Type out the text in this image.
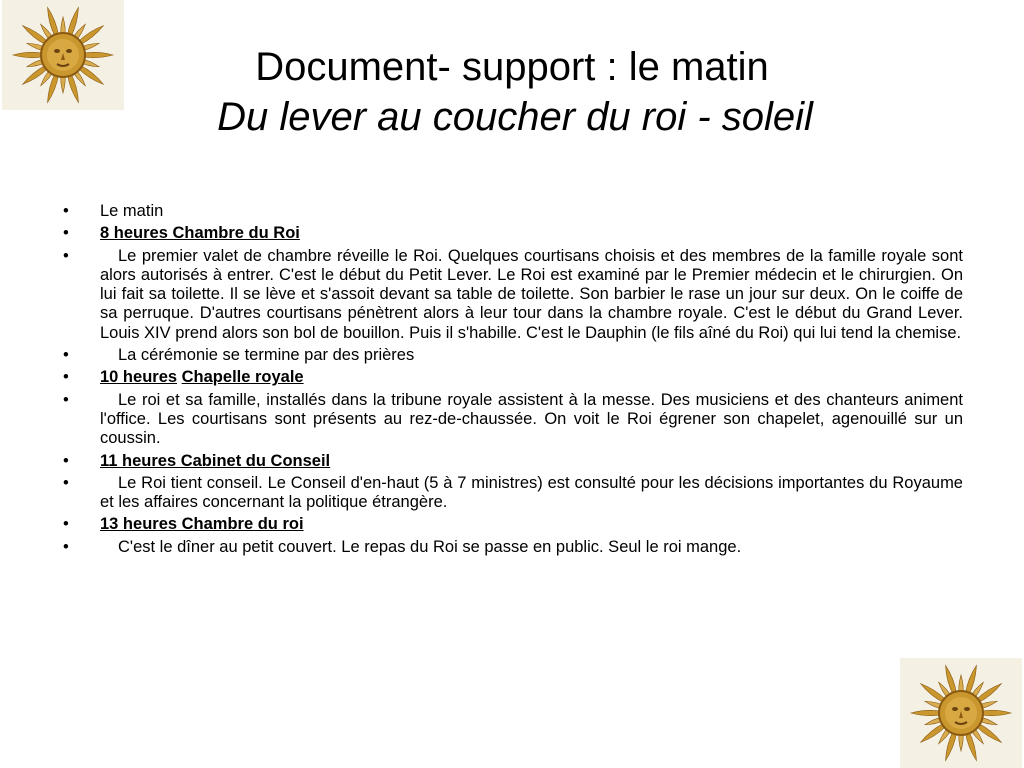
Document- support : le matin
Du lever au coucher du roi - soleil
• Le matin
• 8 heures Chambre du Roi
•	Le premier valet de chambre réveille le Roi. Quelques courtisans choisis et des membres de la famille royale sont alors autorisés à entrer. C'est le début du Petit Lever. Le Roi est examiné par le Premier médecin et le chirurgien. On lui fait sa toilette. Il se lève et s'assoit devant sa table de toilette. Son barbier le rase un jour sur deux. On le coiffe de sa perruque. D'autres courtisans pénètrent alors à leur tour dans la chambre royale. C'est le début du Grand Lever. Louis XIV prend alors son bol de bouillon. Puis il s'habille. C'est le Dauphin (le fils aîné du Roi) qui lui tend la chemise.
•	La cérémonie se termine par des prières
• 10 heures Chapelle royale
•	Le roi et sa famille, installés dans la tribune royale assistent à la messe. Des musiciens et des chanteurs animent l'office. Les courtisans sont présents au rez-de-chaussée. On voit le Roi égrener son chapelet, agenouillé sur un coussin.
• 11 heures Cabinet du Conseil
•	Le Roi tient conseil. Le Conseil d'en-haut (5 à 7 ministres) est consulté pour les décisions importantes du Royaume et les affaires concernant la politique étrangère.
• 13 heures Chambre du roi
•	C'est le dîner au petit couvert. Le repas du Roi se passe en public. Seul le roi mange.
